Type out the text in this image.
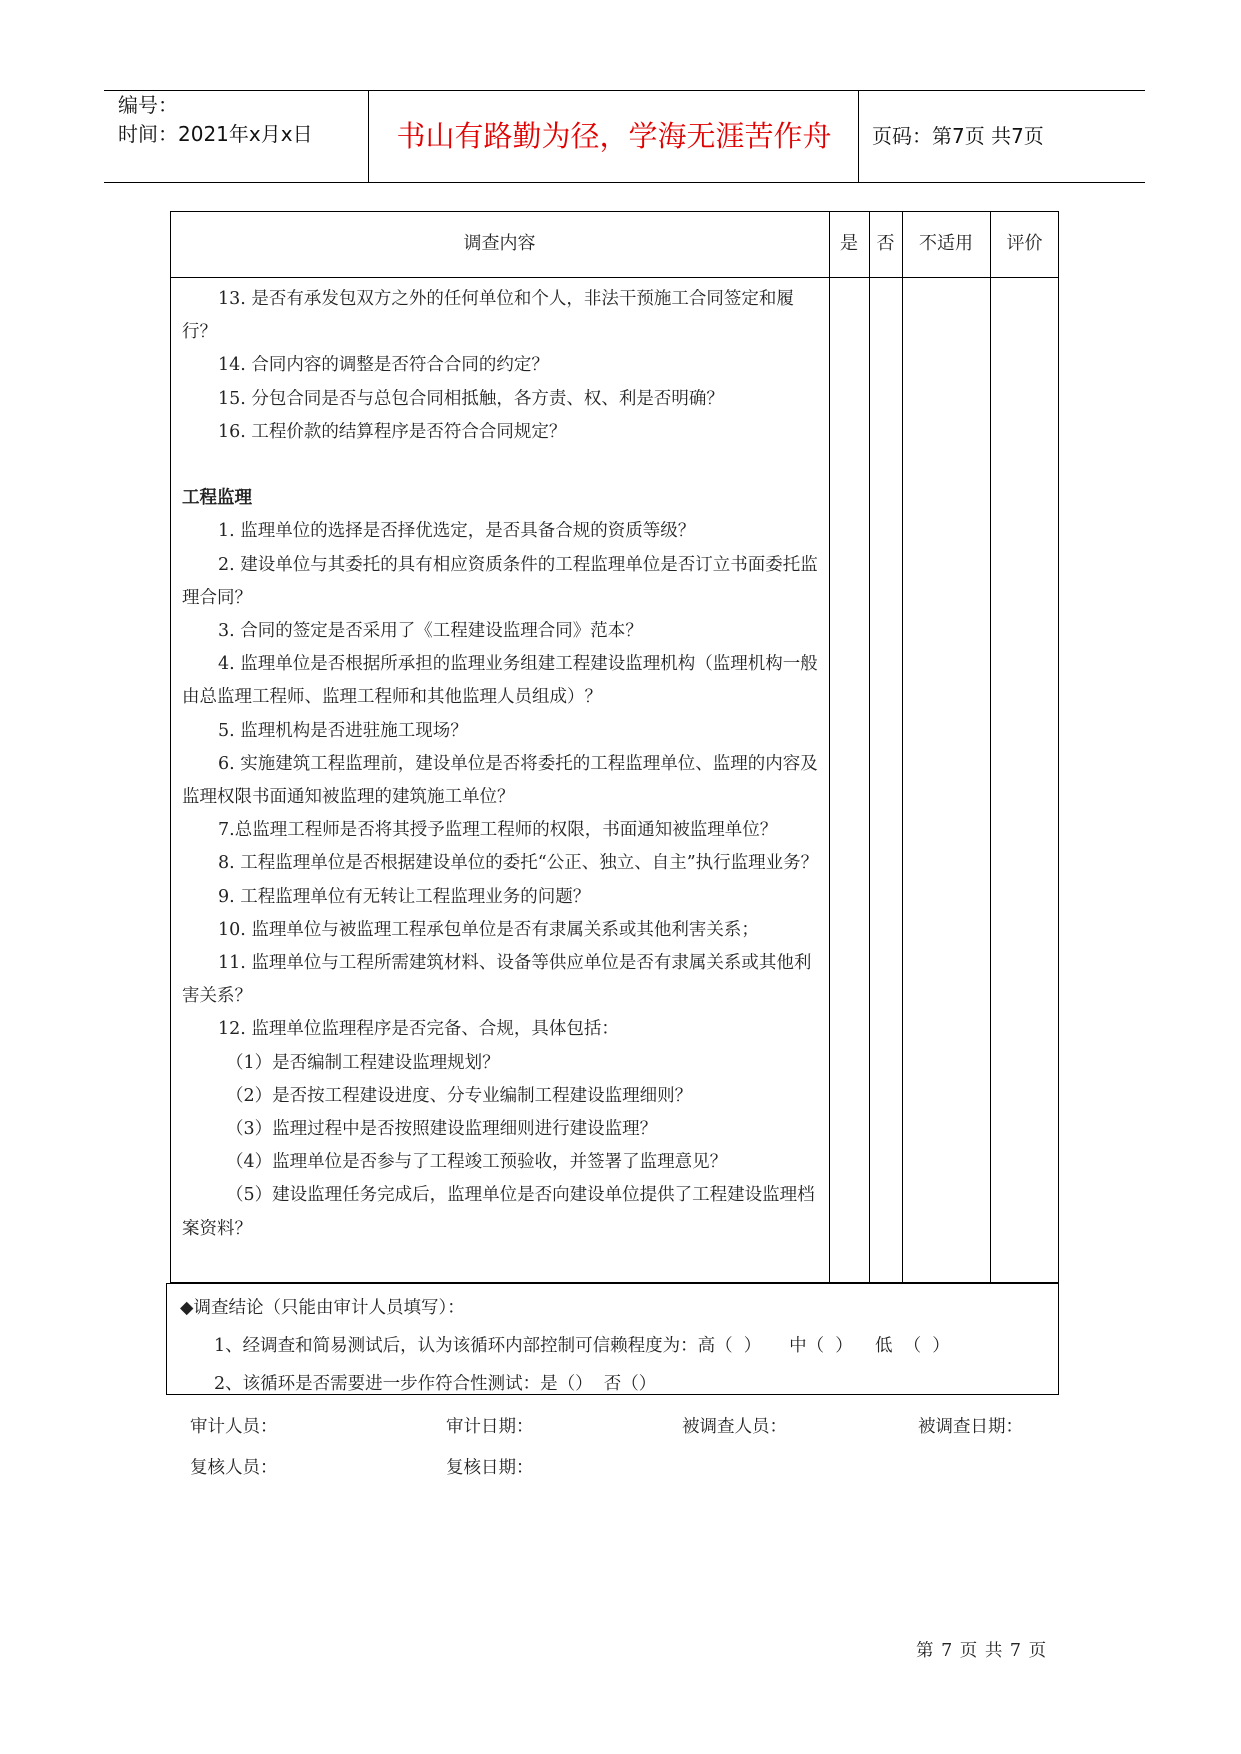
编号：
时间：2021年x月x日	书山有路勤为径，学海无涯苦作舟	页码：第7页 共7页
调查内容	是	否	不适用	评价

13. 是否有承发包双方之外的任何单位和个人，非法干预施工合同签定和履行？

14. 合同内容的调整是否符合合同的约定？

15. 分包合同是否与总包合同相抵触，各方责、权、利是否明确？

16. 工程价款的结算程序是否符合合同规定？

工程监理

1. 监理单位的选择是否择优选定，是否具备合规的资质等级？

2. 建设单位与其委托的具有相应资质条件的工程监理单位是否订立书面委托监理合同？

3. 合同的签定是否采用了《工程建设监理合同》范本？

4. 监理单位是否根据所承担的监理业务组建工程建设监理机构（监理机构一般由总监理工程师、监理工程师和其他监理人员组成）？

5. 监理机构是否进驻施工现场？

6. 实施建筑工程监理前，建设单位是否将委托的工程监理单位、监理的内容及监理权限书面通知被监理的建筑施工单位？

7.总监理工程师是否将其授予监理工程师的权限，书面通知被监理单位？

8. 工程监理单位是否根据建设单位的委托“公正、独立、自主”执行监理业务？

9. 工程监理单位有无转让工程监理业务的问题？

10. 监理单位与被监理工程承包单位是否有隶属关系或其他利害关系；

11. 监理单位与工程所需建筑材料、设备等供应单位是否有隶属关系或其他利害关系？

12. 监理单位监理程序是否完备、合规，具体包括：

（1）是否编制工程建设监理规划？

（2）是否按工程建设进度、分专业编制工程建设监理细则？

（3）监理过程中是否按照建设监理细则进行建设监理？

（4）监理单位是否参与了工程竣工预验收，并签署了监理意见？

（5）建设监理任务完成后，监理单位是否向建设单位提供了工程建设监理档案资料？

◆调查结论（只能由审计人员填写）：
1、经调查和简易测试后，认为该循环内部控制可信赖程度为：高（  ）     中（  ）    低  （  ）
2、该循环是否需要进一步作符合性测试：是（）  否（）
审计人员：	审计日期：	被调查人员：	被调查日期：
复核人员：	复核日期：
第 7 页 共 7 页
